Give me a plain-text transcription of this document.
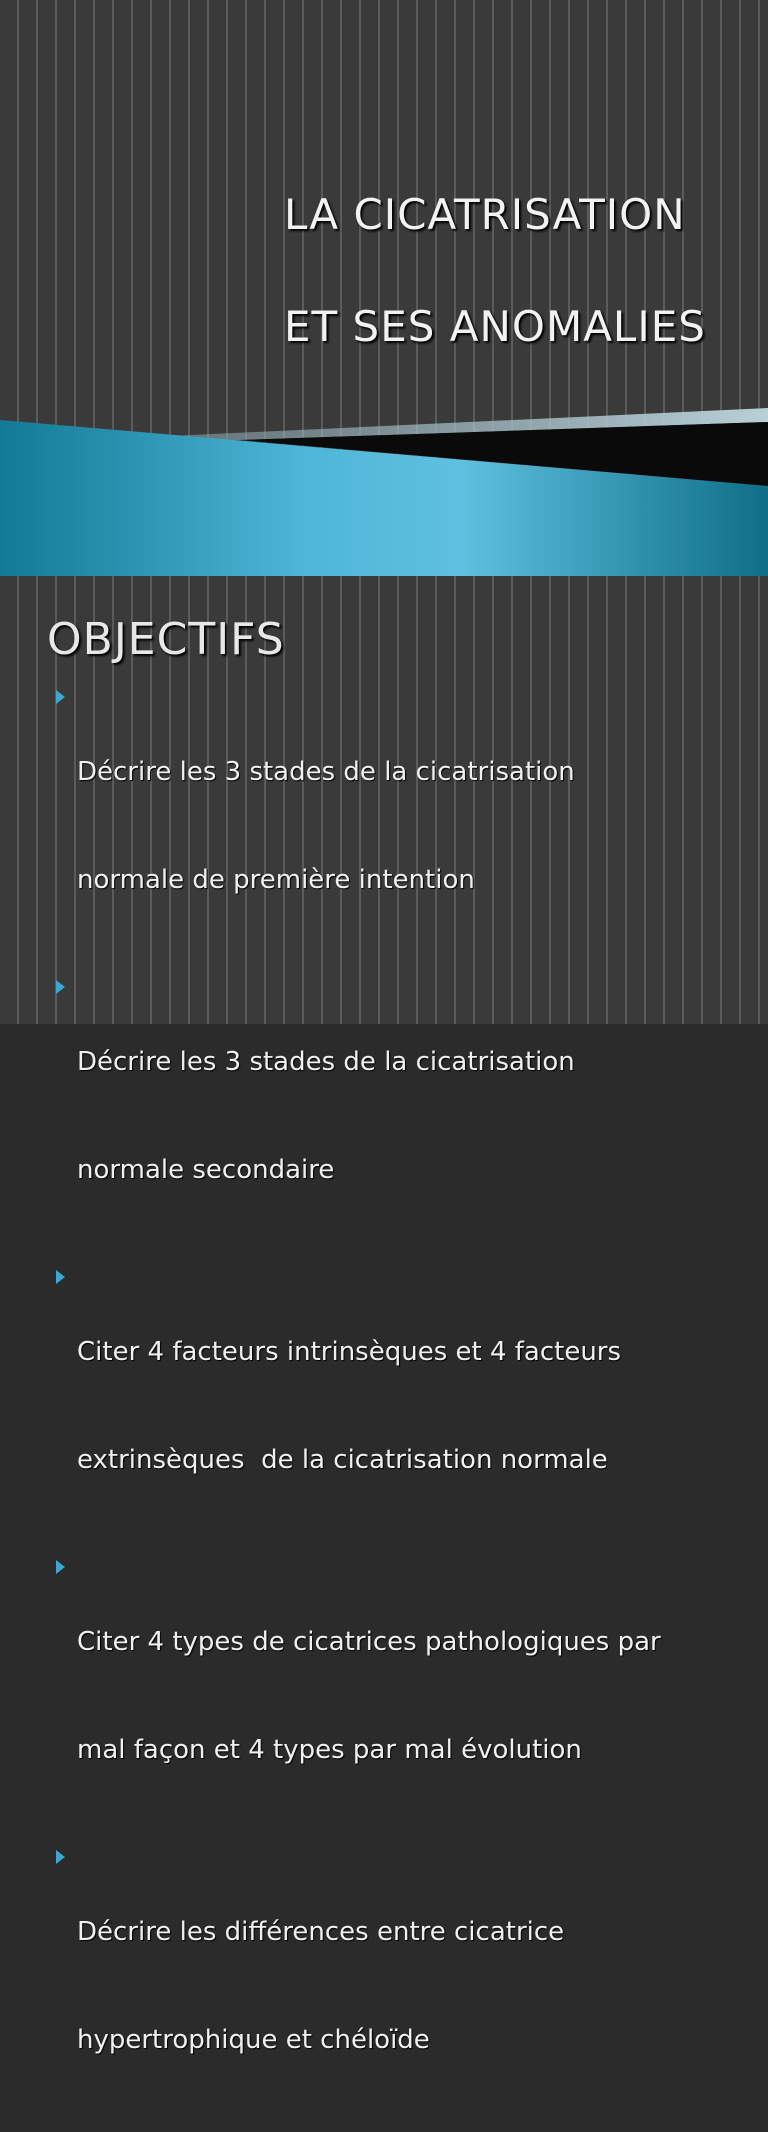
LA CICATRISATION
ET SES ANOMALIES
OBJECTIFS

Décrire les 3 stades de la cicatrisation

normale de première intention

Décrire les 3 stades de la cicatrisation

normale secondaire

Citer 4 facteurs intrinsèques et 4 facteurs

extrinsèques  de la cicatrisation normale

Citer 4 types de cicatrices pathologiques par

mal façon et 4 types par mal évolution

Décrire les différences entre cicatrice

hypertrophique et chéloïde
